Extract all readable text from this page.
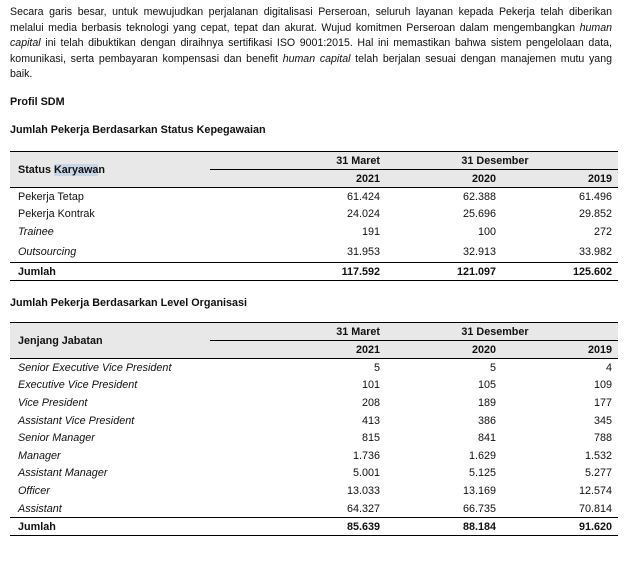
Secara garis besar, untuk mewujudkan perjalanan digitalisasi Perseroan, seluruh layanan kepada Pekerja telah diberikan melalui media berbasis teknologi yang cepat, tepat dan akurat. Wujud komitmen Perseroan dalam mengembangkan human capital ini telah dibuktikan dengan diraihnya sertifikasi ISO 9001:2015. Hal ini memastikan bahwa sistem pengelolaan data, komunikasi, serta pembayaran kompensasi dan benefit human capital telah berjalan sesuai dengan manajemen mutu yang baik.
Profil SDM
Jumlah Pekerja Berdasarkan Status Kepegawaian
Status Karyawan	31 Maret	31 Desember	
	2021	2020	2019
Pekerja Tetap	61.424	62.388	61.496
Pekerja Kontrak	24.024	25.696	29.852
Trainee	191	100	272
Outsourcing	31.953	32.913	33.982
Jumlah	117.592	121.097	125.602
Jumlah Pekerja Berdasarkan Level Organisasi
Jenjang Jabatan	31 Maret	31 Desember	
	2021	2020	2019
Senior Executive Vice President	5	5	4
Executive Vice President	101	105	109
Vice President	208	189	177
Assistant Vice President	413	386	345
Senior Manager	815	841	788
Manager	1.736	1.629	1.532
Assistant Manager	5.001	5.125	5.277
Officer	13.033	13.169	12.574
Assistant	64.327	66.735	70.814
Jumlah	85.639	88.184	91.620
